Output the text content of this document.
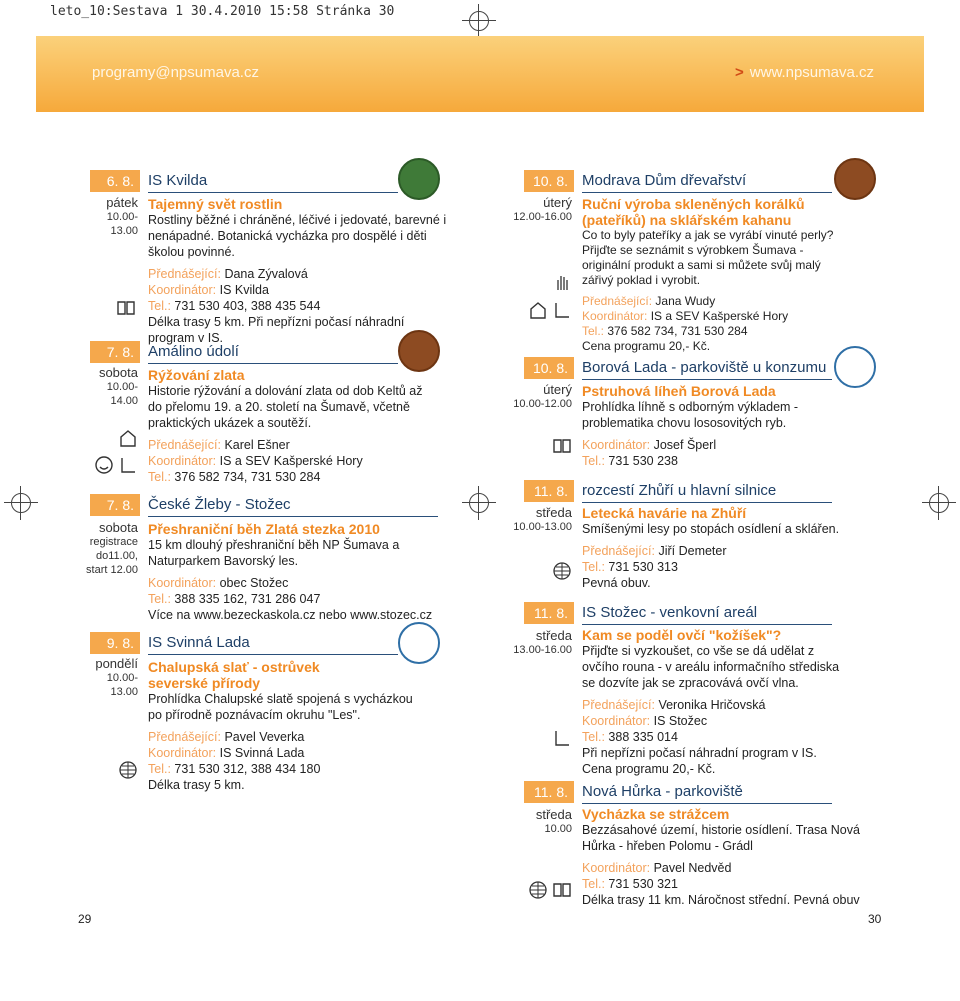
leto_10:Sestava 1 30.4.2010 15:58 Stránka 30
programy@npsumava.cz	> www.npsumava.cz
6. 8. IS Kvilda
pátek
10.00-13.00
Tajemný svět rostlin

Rostliny běžné i chráněné, léčivé i jedovaté, barevné i nenápadné. Botanická vycházka pro dospělé i děti školou povinné.

Přednášející: Dana Zývalová

Koordinátor: IS Kvilda

Tel.: 731 530 403, 388 435 544

Délka trasy 5 km. Při nepřízni počasí náhradní program v IS.

7. 8. Amálino údolí
sobota
10.00-14.00
Rýžování zlata

Historie rýžování a dolování zlata od dob Keltů až do přelomu 19. a 20. století na Šumavě, včetně praktických ukázek a soutěží.

Přednášející: Karel Ešner

Koordinátor: IS a SEV Kašperské Hory

Tel.: 376 582 734, 731 530 284

7. 8. České Žleby - Stožec
sobota
registrace
do11.00,
start 12.00
Přeshraniční běh Zlatá stezka 2010

15 km dlouhý přeshraniční běh NP Šumava a Naturparkem Bavorský les.

Koordinátor: obec Stožec

Tel.: 388 335 162, 731 286 047

Více na www.bezeckaskola.cz nebo www.stozec.cz

9. 8. IS Svinná Lada
pondělí
10.00-13.00
Chalupská slať - ostrůvek severské přírody

Prohlídka Chalupské slatě spojená s vycházkou po přírodně poznávacím okruhu "Les".

Přednášející: Pavel Veverka

Koordinátor: IS Svinná Lada

Tel.: 731 530 312, 388 434 180

Délka trasy 5 km.

10. 8. Modrava Dům dřevařství
úterý
12.00-16.00
Ruční výroba skleněných korálků (pateříků) na sklářském kahanu

Co to byly pateříky a jak se vyrábí vinuté perly? Přijďte se seznámit s výrobkem Šumava - originální produkt a sami si můžete svůj malý zářivý poklad i vyrobit.

Přednášející: Jana Wudy

Koordinátor: IS a SEV Kašperské Hory

Tel.: 376 582 734, 731 530 284

Cena programu 20,- Kč.

10. 8. Borová Lada - parkoviště u konzumu
úterý
10.00-12.00
Pstruhová líheň Borová Lada

Prohlídka líhně s odborným výkladem - problematika chovu lososovitých ryb.

Koordinátor: Josef Šperl

Tel.: 731 530 238

11. 8. rozcestí Zhůří u hlavní silnice
středa
10.00-13.00
Letecká havárie na Zhůří

Smíšenými lesy po stopách osídlení a sklářen.

Přednášející: Jiří Demeter

Tel.: 731 530 313

Pevná obuv.

11. 8. IS Stožec - venkovní areál
středa
13.00-16.00
Kam se poděl ovčí "kožíšek"?

Přijďte si vyzkoušet, co vše se dá udělat z ovčího rouna - v areálu informačního střediska se dozvíte jak se zpracovává ovčí vlna.

Přednášející: Veronika Hričovská

Koordinátor: IS Stožec

Tel.: 388 335 014

Při nepřízni počasí náhradní program v IS.

Cena programu 20,- Kč.

11. 8. Nová Hůrka - parkoviště
středa
10.00
Vycházka se strážcem

Bezzásahové území, historie osídlení. Trasa Nová Hůrka - hřeben Polomu - Grádl

Koordinátor: Pavel Nedvěd

Tel.: 731 530 321

Délka trasy 11 km. Náročnost střední. Pevná obuv

29	30
